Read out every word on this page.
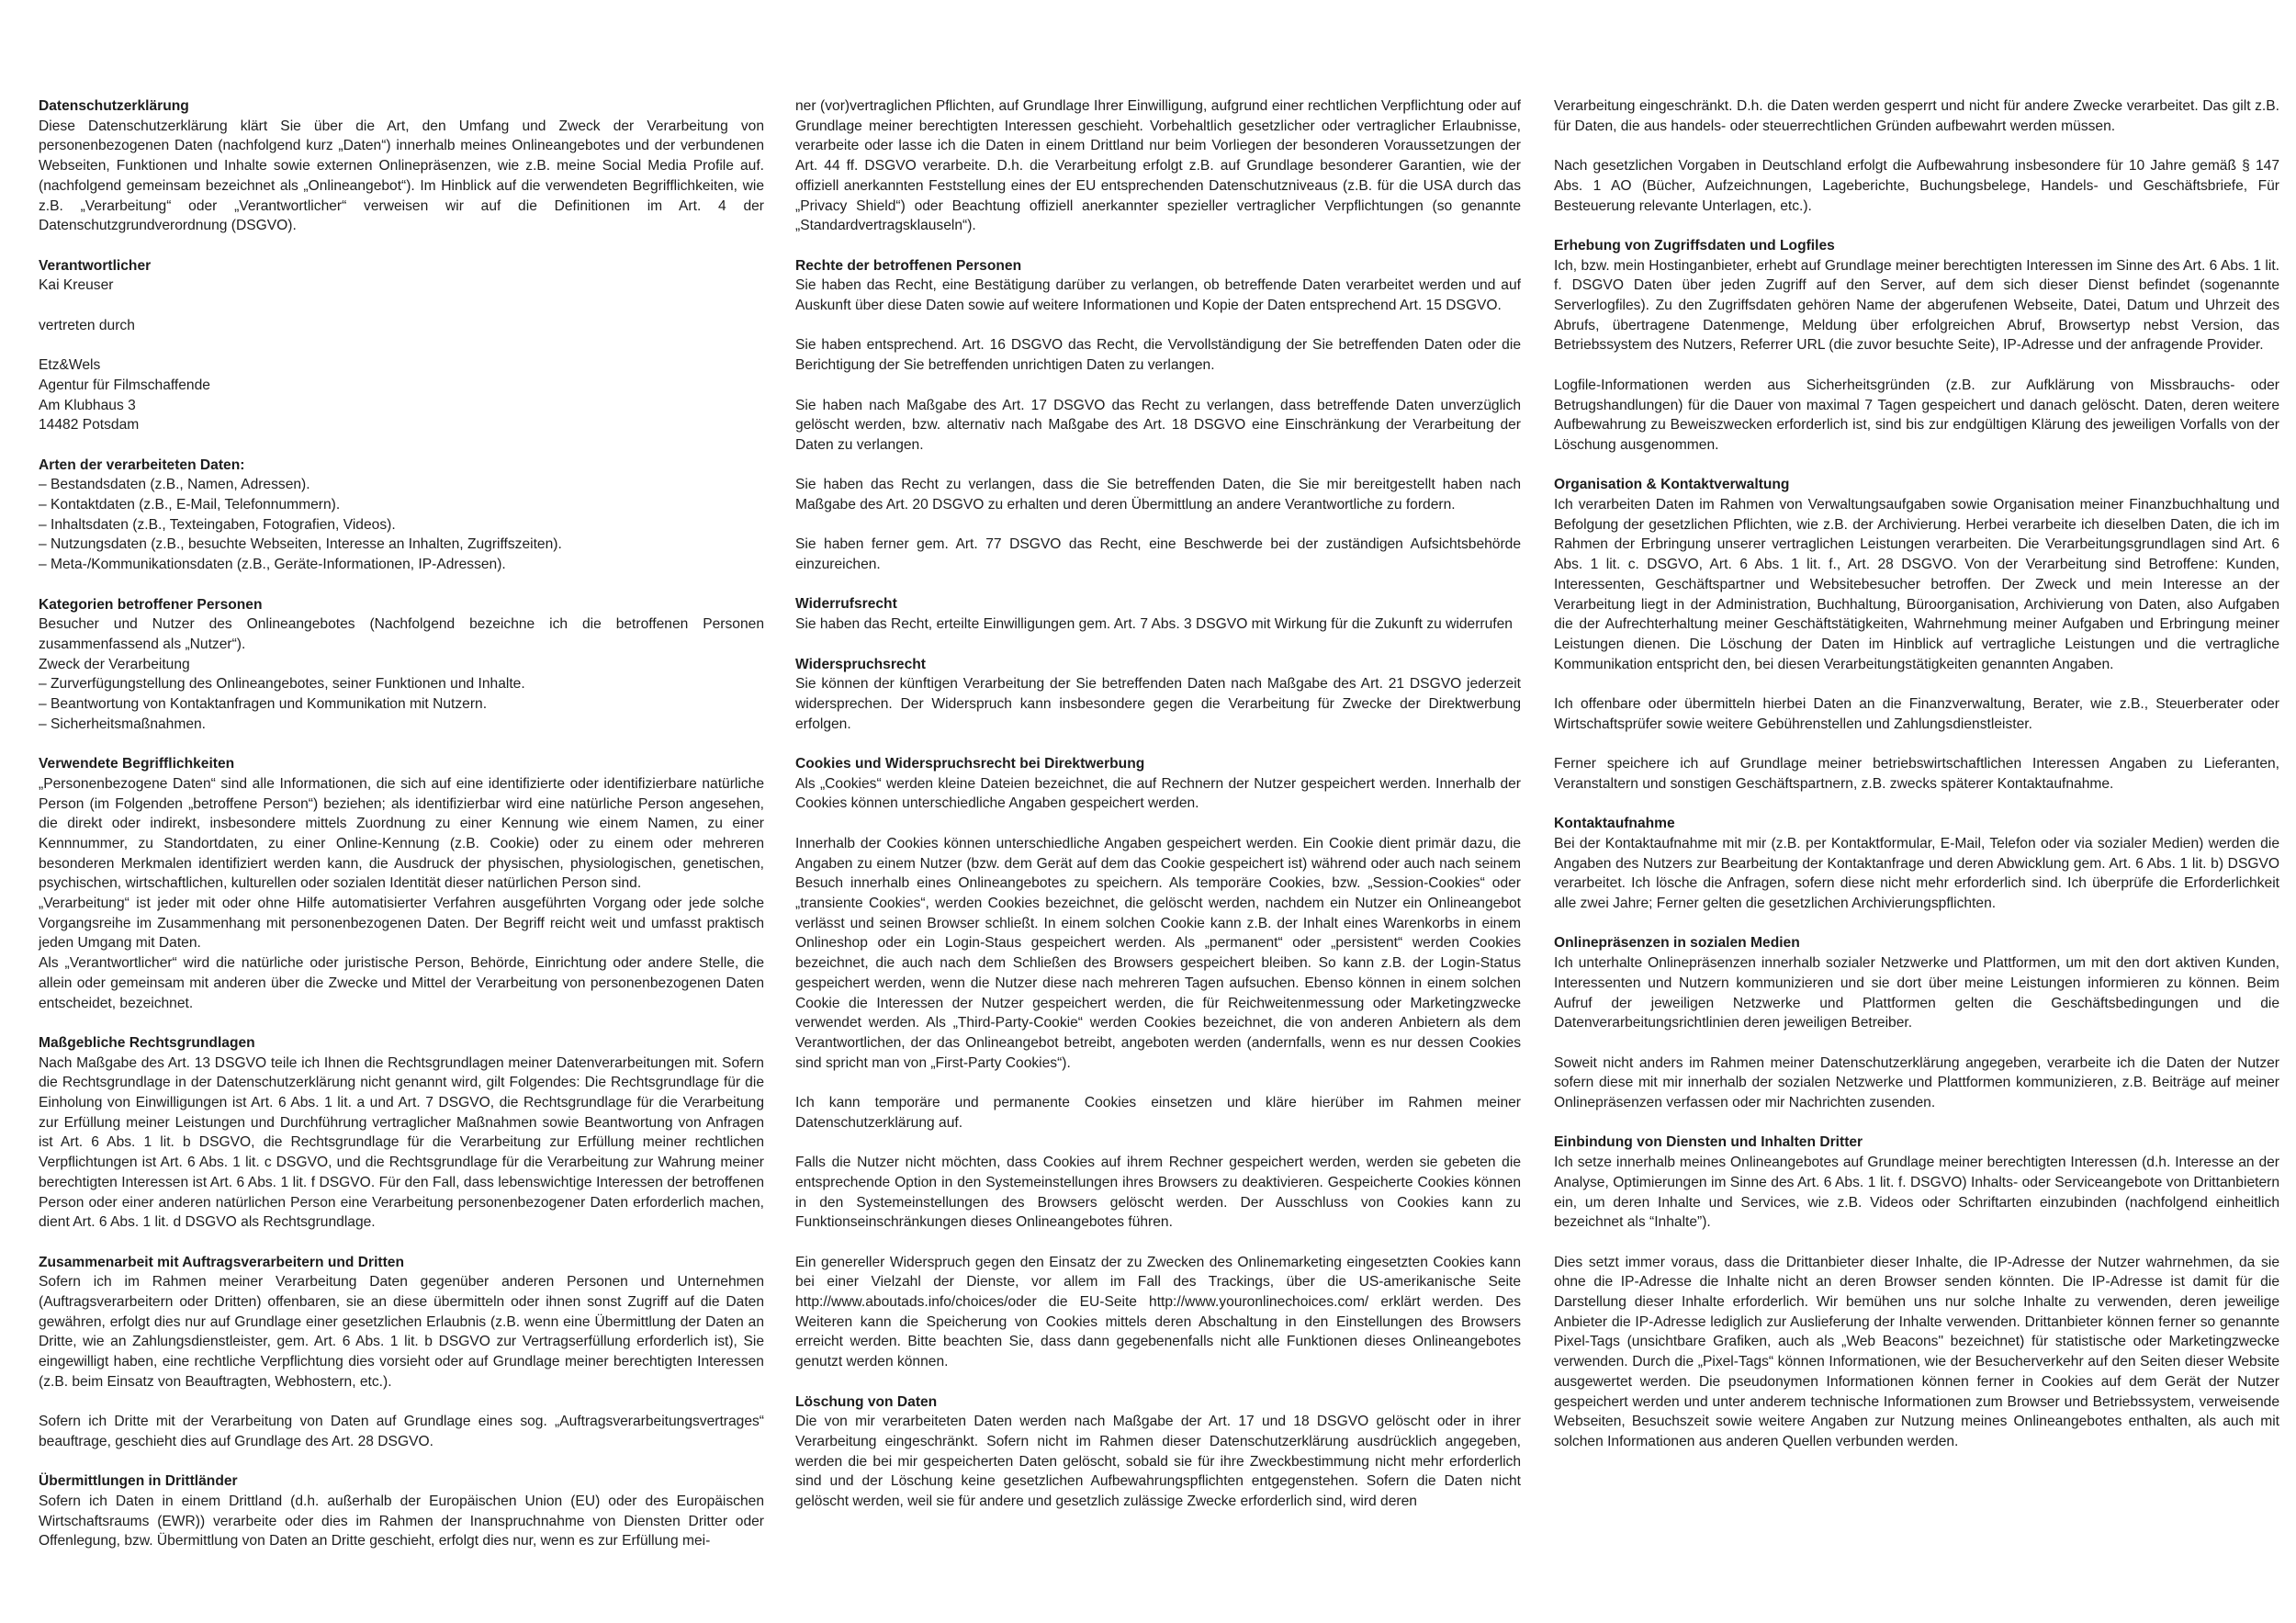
Datenschutzerklärung
Diese Datenschutzerklärung klärt Sie über die Art, den Umfang und Zweck der Verarbeitung von personenbezogenen Daten (nachfolgend kurz „Daten“) innerhalb meines Onlineangebotes und der verbundenen Webseiten, Funktionen und Inhalte sowie externen Onlinepräsenzen, wie z.B. meine Social Media Profile auf. (nachfolgend gemeinsam bezeichnet als „Onlineangebot“). Im Hinblick auf die verwendeten Begrifflichkeiten, wie z.B. „Verarbeitung“ oder „Verantwortlicher“ verweisen wir auf die Definitionen im Art. 4 der Datenschutzgrundverordnung (DSGVO).
Verantwortlicher
Kai Kreuser
vertreten durch
Etz&Wels
Agentur für Filmschaffende
Am Klubhaus 3
14482 Potsdam
Arten der verarbeiteten Daten:
– Bestandsdaten (z.B., Namen, Adressen).
– Kontaktdaten (z.B., E-Mail, Telefonnummern).
– Inhaltsdaten (z.B., Texteingaben, Fotografien, Videos).
– Nutzungsdaten (z.B., besuchte Webseiten, Interesse an Inhalten, Zugriffszeiten).
– Meta-/Kommunikationsdaten (z.B., Geräte-Informationen, IP-Adressen).
Kategorien betroffener Personen
Besucher und Nutzer des Onlineangebotes (Nachfolgend bezeichne ich die betroffenen Personen zusammenfassend als „Nutzer“).
Zweck der Verarbeitung
– Zurverfügungstellung des Onlineangebotes, seiner Funktionen und Inhalte.
– Beantwortung von Kontaktanfragen und Kommunikation mit Nutzern.
– Sicherheitsmaßnahmen.
Verwendete Begrifflichkeiten
„Personenbezogene Daten“ sind alle Informationen, die sich auf eine identifizierte oder identifizierbare natürliche Person (im Folgenden „betroffene Person“) beziehen; als identifizierbar wird eine natürliche Person angesehen, die direkt oder indirekt, insbesondere mittels Zuordnung zu einer Kennung wie einem Namen, zu einer Kennnummer, zu Standortdaten, zu einer Online-Kennung (z.B. Cookie) oder zu einem oder mehreren besonderen Merkmalen identifiziert werden kann, die Ausdruck der physischen, physiologischen, genetischen, psychischen, wirtschaftlichen, kulturellen oder sozialen Identität dieser natürlichen Person sind.
„Verarbeitung“ ist jeder mit oder ohne Hilfe automatisierter Verfahren ausgeführten Vorgang oder jede solche Vorgangsreihe im Zusammenhang mit personenbezogenen Daten. Der Begriff reicht weit und umfasst praktisch jeden Umgang mit Daten.
Als „Verantwortlicher“ wird die natürliche oder juristische Person, Behörde, Einrichtung oder andere Stelle, die allein oder gemeinsam mit anderen über die Zwecke und Mittel der Verarbeitung von personenbezogenen Daten entscheidet, bezeichnet.
Maßgebliche Rechtsgrundlagen
Nach Maßgabe des Art. 13 DSGVO teile ich Ihnen die Rechtsgrundlagen meiner Datenverarbeitungen mit. Sofern die Rechtsgrundlage in der Datenschutzerklärung nicht genannt wird, gilt Folgendes: Die Rechtsgrundlage für die Einholung von Einwilligungen ist Art. 6 Abs. 1 lit. a und Art. 7 DSGVO, die Rechtsgrundlage für die Verarbeitung zur Erfüllung meiner Leistungen und Durchführung vertraglicher Maßnahmen sowie Beantwortung von Anfragen ist Art. 6 Abs. 1 lit. b DSGVO, die Rechtsgrundlage für die Verarbeitung zur Erfüllung meiner rechtlichen Verpflichtungen ist Art. 6 Abs. 1 lit. c DSGVO, und die Rechtsgrundlage für die Verarbeitung zur Wahrung meiner berechtigten Interessen ist Art. 6 Abs. 1 lit. f DSGVO. Für den Fall, dass lebenswichtige Interessen der betroffenen Person oder einer anderen natürlichen Person eine Verarbeitung personenbezogener Daten erforderlich machen, dient Art. 6 Abs. 1 lit. d DSGVO als Rechtsgrundlage.
Zusammenarbeit mit Auftragsverarbeitern und Dritten
Sofern ich im Rahmen meiner Verarbeitung Daten gegenüber anderen Personen und Unternehmen (Auftragsverarbeitern oder Dritten) offenbaren, sie an diese übermitteln oder ihnen sonst Zugriff auf die Daten gewähren, erfolgt dies nur auf Grundlage einer gesetzlichen Erlaubnis (z.B. wenn eine Übermittlung der Daten an Dritte, wie an Zahlungsdienstleister, gem. Art. 6 Abs. 1 lit. b DSGVO zur Vertragserfüllung erforderlich ist), Sie eingewilligt haben, eine rechtliche Verpflichtung dies vorsieht oder auf Grundlage meiner berechtigten Interessen (z.B. beim Einsatz von Beauftragten, Webhostern, etc.).
Sofern ich Dritte mit der Verarbeitung von Daten auf Grundlage eines sog. „Auftragsverarbeitungsvertrages“ beauftrage, geschieht dies auf Grundlage des Art. 28 DSGVO.
Übermittlungen in Drittländer
Sofern ich Daten in einem Drittland (d.h. außerhalb der Europäischen Union (EU) oder des Europäischen Wirtschaftsraums (EWR)) verarbeite oder dies im Rahmen der Inanspruchnahme von Diensten Dritter oder Offenlegung, bzw. Übermittlung von Daten an Dritte geschieht, erfolgt dies nur, wenn es zur Erfüllung mei-
ner (vor)vertraglichen Pflichten, auf Grundlage Ihrer Einwilligung, aufgrund einer rechtlichen Verpflichtung oder auf Grundlage meiner berechtigten Interessen geschieht. Vorbehaltlich gesetzlicher oder vertraglicher Erlaubnisse, verarbeite oder lasse ich die Daten in einem Drittland nur beim Vorliegen der besonderen Voraussetzungen der Art. 44 ff. DSGVO verarbeite. D.h. die Verarbeitung erfolgt z.B. auf Grundlage besonderer Garantien, wie der offiziell anerkannten Feststellung eines der EU entsprechenden Datenschutzniveaus (z.B. für die USA durch das „Privacy Shield“) oder Beachtung offiziell anerkannter spezieller vertraglicher Verpflichtungen (so genannte „Standardvertragsklauseln“).
Rechte der betroffenen Personen
Sie haben das Recht, eine Bestätigung darüber zu verlangen, ob betreffende Daten verarbeitet werden und auf Auskunft über diese Daten sowie auf weitere Informationen und Kopie der Daten entsprechend Art. 15 DSGVO.
Sie haben entsprechend. Art. 16 DSGVO das Recht, die Vervollständigung der Sie betreffenden Daten oder die Berichtigung der Sie betreffenden unrichtigen Daten zu verlangen.
Sie haben nach Maßgabe des Art. 17 DSGVO das Recht zu verlangen, dass betreffende Daten unverzüglich gelöscht werden, bzw. alternativ nach Maßgabe des Art. 18 DSGVO eine Einschränkung der Verarbeitung der Daten zu verlangen.
Sie haben das Recht zu verlangen, dass die Sie betreffenden Daten, die Sie mir bereitgestellt haben nach Maßgabe des Art. 20 DSGVO zu erhalten und deren Übermittlung an andere Verantwortliche zu fordern.
Sie haben ferner gem. Art. 77 DSGVO das Recht, eine Beschwerde bei der zuständigen Aufsichtsbehörde einzureichen.
Widerrufsrecht
Sie haben das Recht, erteilte Einwilligungen gem. Art. 7 Abs. 3 DSGVO mit Wirkung für die Zukunft zu widerrufen
Widerspruchsrecht
Sie können der künftigen Verarbeitung der Sie betreffenden Daten nach Maßgabe des Art. 21 DSGVO jederzeit widersprechen. Der Widerspruch kann insbesondere gegen die Verarbeitung für Zwecke der Direktwerbung erfolgen.
Cookies und Widerspruchsrecht bei Direktwerbung
Als „Cookies“ werden kleine Dateien bezeichnet, die auf Rechnern der Nutzer gespeichert werden. Innerhalb der Cookies können unterschiedliche Angaben gespeichert werden.
Innerhalb der Cookies können unterschiedliche Angaben gespeichert werden. Ein Cookie dient primär dazu, die Angaben zu einem Nutzer (bzw. dem Gerät auf dem das Cookie gespeichert ist) während oder auch nach seinem Besuch innerhalb eines Onlineangebotes zu speichern. Als temporäre Cookies, bzw. „Session-Cookies“ oder „transiente Cookies“, werden Cookies bezeichnet, die gelöscht werden, nachdem ein Nutzer ein Onlineangebot verlässt und seinen Browser schließt. In einem solchen Cookie kann z.B. der Inhalt eines Warenkorbs in einem Onlineshop oder ein Login-Staus gespeichert werden. Als „permanent“ oder „persistent“ werden Cookies bezeichnet, die auch nach dem Schließen des Browsers gespeichert bleiben. So kann z.B. der Login-Status gespeichert werden, wenn die Nutzer diese nach mehreren Tagen aufsuchen. Ebenso können in einem solchen Cookie die Interessen der Nutzer gespeichert werden, die für Reichweitenmessung oder Marketingzwecke verwendet werden. Als „Third-Party-Cookie“ werden Cookies bezeichnet, die von anderen Anbietern als dem Verantwortlichen, der das Onlineangebot betreibt, angeboten werden (andernfalls, wenn es nur dessen Cookies sind spricht man von „First-Party Cookies“).
Ich kann temporäre und permanente Cookies einsetzen und kläre hierüber im Rahmen meiner Datenschutzerklärung auf.
Falls die Nutzer nicht möchten, dass Cookies auf ihrem Rechner gespeichert werden, werden sie gebeten die entsprechende Option in den Systemeinstellungen ihres Browsers zu deaktivieren. Gespeicherte Cookies können in den Systemeinstellungen des Browsers gelöscht werden. Der Ausschluss von Cookies kann zu Funktionseinschränkungen dieses Onlineangebotes führen.
Ein genereller Widerspruch gegen den Einsatz der zu Zwecken des Onlinemarketing eingesetzten Cookies kann bei einer Vielzahl der Dienste, vor allem im Fall des Trackings, über die US-amerikanische Seite http://www.aboutads.info/choices/oder die EU-Seite http://www.youronlinechoices.com/ erklärt werden. Des Weiteren kann die Speicherung von Cookies mittels deren Abschaltung in den Einstellungen des Browsers erreicht werden. Bitte beachten Sie, dass dann gegebenenfalls nicht alle Funktionen dieses Onlineangebotes genutzt werden können.
Löschung von Daten
Die von mir verarbeiteten Daten werden nach Maßgabe der Art. 17 und 18 DSGVO gelöscht oder in ihrer Verarbeitung eingeschränkt. Sofern nicht im Rahmen dieser Datenschutzerklärung ausdrücklich angegeben, werden die bei mir gespeicherten Daten gelöscht, sobald sie für ihre Zweckbestimmung nicht mehr erforderlich sind und der Löschung keine gesetzlichen Aufbewahrungspflichten entgegenstehen. Sofern die Daten nicht gelöscht werden, weil sie für andere und gesetzlich zulässige Zwecke erforderlich sind, wird deren
Verarbeitung eingeschränkt. D.h. die Daten werden gesperrt und nicht für andere Zwecke verarbeitet. Das gilt z.B. für Daten, die aus handels- oder steuerrechtlichen Gründen aufbewahrt werden müssen.
Nach gesetzlichen Vorgaben in Deutschland erfolgt die Aufbewahrung insbesondere für 10 Jahre gemäß § 147 Abs. 1 AO (Bücher, Aufzeichnungen, Lageberichte, Buchungsbelege, Handels- und Geschäftsbriefe, Für Besteuerung relevante Unterlagen, etc.).
Erhebung von Zugriffsdaten und Logfiles
Ich, bzw. mein Hostinganbieter, erhebt auf Grundlage meiner berechtigten Interessen im Sinne des Art. 6 Abs. 1 lit. f. DSGVO Daten über jeden Zugriff auf den Server, auf dem sich dieser Dienst befindet (sogenannte Serverlogfiles). Zu den Zugriffsdaten gehören Name der abgerufenen Webseite, Datei, Datum und Uhrzeit des Abrufs, übertragene Datenmenge, Meldung über erfolgreichen Abruf, Browsertyp nebst Version, das Betriebssystem des Nutzers, Referrer URL (die zuvor besuchte Seite), IP-Adresse und der anfragende Provider.
Logfile-Informationen werden aus Sicherheitsgründen (z.B. zur Aufklärung von Missbrauchs- oder Betrugshandlungen) für die Dauer von maximal 7 Tagen gespeichert und danach gelöscht. Daten, deren weitere Aufbewahrung zu Beweiszwecken erforderlich ist, sind bis zur endgültigen Klärung des jeweiligen Vorfalls von der Löschung ausgenommen.
Organisation & Kontaktverwaltung
Ich verarbeiten Daten im Rahmen von Verwaltungsaufgaben sowie Organisation meiner Finanzbuchhaltung und Befolgung der gesetzlichen Pflichten, wie z.B. der Archivierung. Herbei verarbeite ich dieselben Daten, die ich im Rahmen der Erbringung unserer vertraglichen Leistungen verarbeiten. Die Verarbeitungsgrundlagen sind Art. 6 Abs. 1 lit. c. DSGVO, Art. 6 Abs. 1 lit. f., Art. 28 DSGVO. Von der Verarbeitung sind Betroffene: Kunden, Interessenten, Geschäftspartner und Websitebesucher betroffen. Der Zweck und mein Interesse an der Verarbeitung liegt in der Administration, Buchhaltung, Büroorganisation, Archivierung von Daten, also Aufgaben die der Aufrechterhaltung meiner Geschäftstätigkeiten, Wahrnehmung meiner Aufgaben und Erbringung meiner Leistungen dienen. Die Löschung der Daten im Hinblick auf vertragliche Leistungen und die vertragliche Kommunikation entspricht den, bei diesen Verarbeitungstätigkeiten genannten Angaben.
Ich offenbare oder übermitteln hierbei Daten an die Finanzverwaltung, Berater, wie z.B., Steuerberater oder Wirtschaftsprüfer sowie weitere Gebührenstellen und Zahlungsdienstleister.
Ferner speichere ich auf Grundlage meiner betriebswirtschaftlichen Interessen Angaben zu Lieferanten, Veranstaltern und sonstigen Geschäftspartnern, z.B. zwecks späterer Kontaktaufnahme.
Kontaktaufnahme
Bei der Kontaktaufnahme mit mir (z.B. per Kontaktformular, E-Mail, Telefon oder via sozialer Medien) werden die Angaben des Nutzers zur Bearbeitung der Kontaktanfrage und deren Abwicklung gem. Art. 6 Abs. 1 lit. b) DSGVO verarbeitet. Ich lösche die Anfragen, sofern diese nicht mehr erforderlich sind. Ich überprüfe die Erforderlichkeit alle zwei Jahre; Ferner gelten die gesetzlichen Archivierungspflichten.
Onlinepräsenzen in sozialen Medien
Ich unterhalte Onlinepräsenzen innerhalb sozialer Netzwerke und Plattformen, um mit den dort aktiven Kunden, Interessenten und Nutzern kommunizieren und sie dort über meine Leistungen informieren zu können. Beim Aufruf der jeweiligen Netzwerke und Plattformen gelten die Geschäftsbedingungen und die Datenverarbeitungsrichtlinien deren jeweiligen Betreiber.
Soweit nicht anders im Rahmen meiner Datenschutzerklärung angegeben, verarbeite ich die Daten der Nutzer sofern diese mit mir innerhalb der sozialen Netzwerke und Plattformen kommunizieren, z.B. Beiträge auf meiner Onlinepräsenzen verfassen oder mir Nachrichten zusenden.
Einbindung von Diensten und Inhalten Dritter
Ich setze innerhalb meines Onlineangebotes auf Grundlage meiner berechtigten Interessen (d.h. Interesse an der Analyse, Optimierungen im Sinne des Art. 6 Abs. 1 lit. f. DSGVO) Inhalts- oder Serviceangebote von Drittanbietern ein, um deren Inhalte und Services, wie z.B. Videos oder Schriftarten einzubinden (nachfolgend einheitlich bezeichnet als “Inhalte”).
Dies setzt immer voraus, dass die Drittanbieter dieser Inhalte, die IP-Adresse der Nutzer wahrnehmen, da sie ohne die IP-Adresse die Inhalte nicht an deren Browser senden könnten. Die IP-Adresse ist damit für die Darstellung dieser Inhalte erforderlich. Wir bemühen uns nur solche Inhalte zu verwenden, deren jeweilige Anbieter die IP-Adresse lediglich zur Auslieferung der Inhalte verwenden. Drittanbieter können ferner so genannte Pixel-Tags (unsichtbare Grafiken, auch als „Web Beacons" bezeichnet) für statistische oder Marketingzwecke verwenden. Durch die „Pixel-Tags“ können Informationen, wie der Besucherverkehr auf den Seiten dieser Website ausgewertet werden. Die pseudonymen Informationen können ferner in Cookies auf dem Gerät der Nutzer gespeichert werden und unter anderem technische Informationen zum Browser und Betriebssystem, verweisende Webseiten, Besuchszeit sowie weitere Angaben zur Nutzung meines Onlineangebotes enthalten, als auch mit solchen Informationen aus anderen Quellen verbunden werden.
